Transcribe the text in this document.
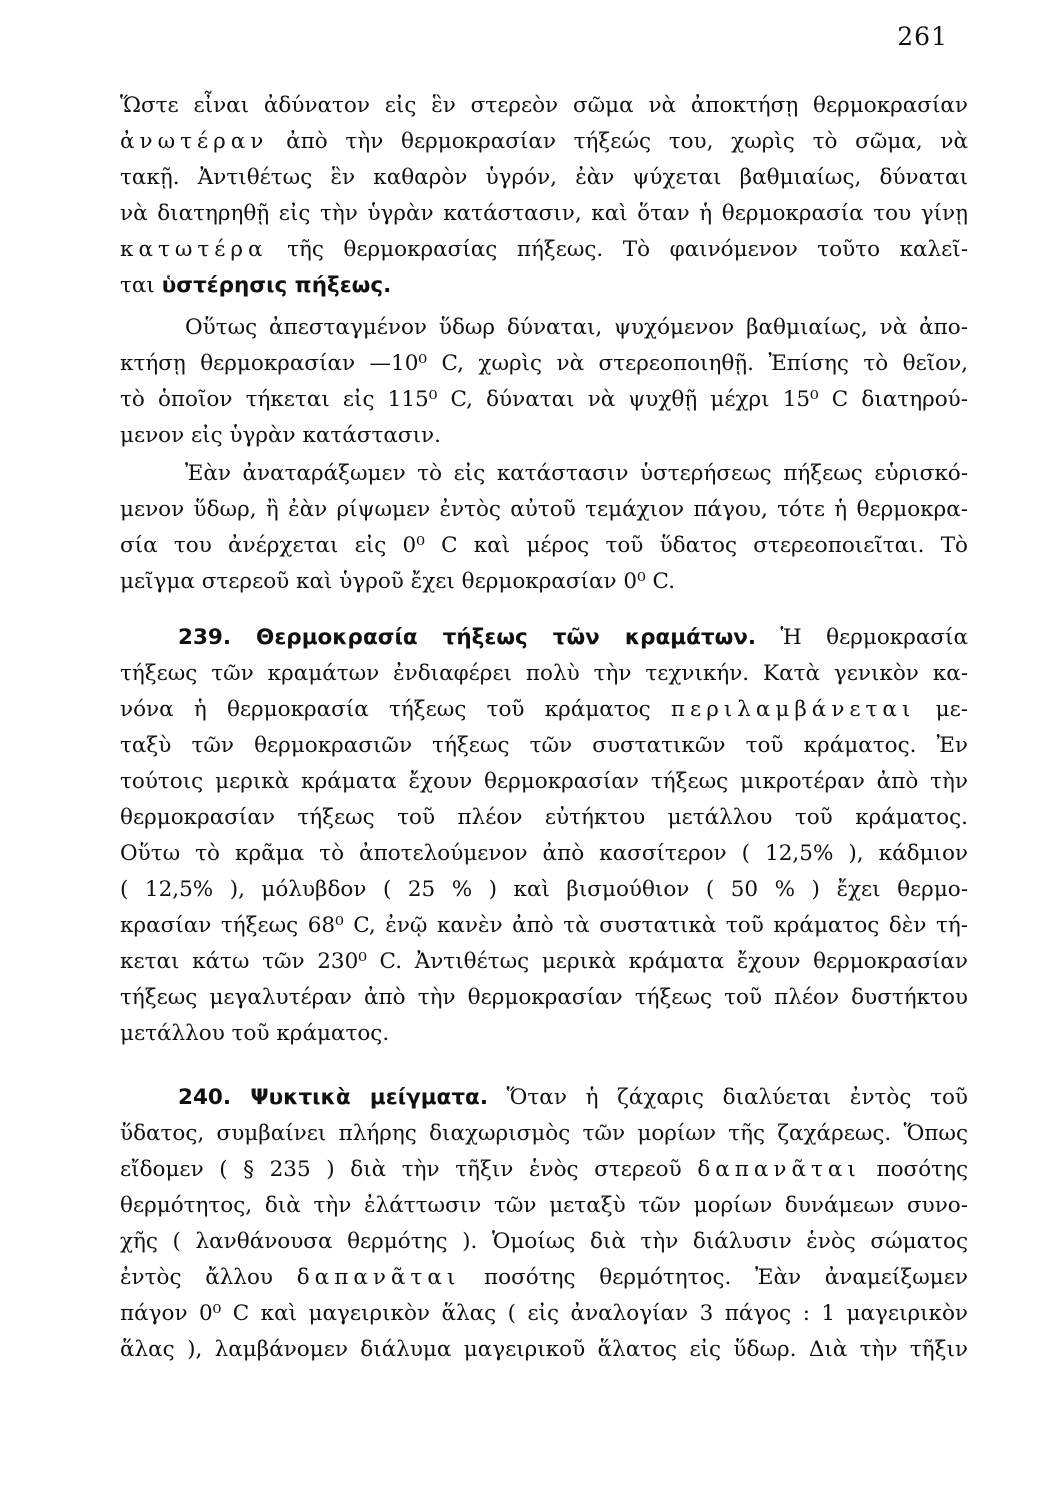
261
Ὥστε εἶναι ἀδύνατον εἰς ἓν στερεὸν σῶμα νὰ ἀποκτήσῃ θερμοκρασίαν
ἀνωτέραν ἀπὸ τὴν θερμοκρασίαν τήξεώς του, χωρὶς τὸ σῶμα, νὰ
τακῇ. Ἀντιθέτως ἓν καθαρὸν ὑγρόν, ἐὰν ψύχεται βαθμιαίως, δύναται
νὰ διατηρηθῇ εἰς τὴν ὑγρὰν κατάστασιν, καὶ ὅταν ἡ θερμοκρασία του γίνῃ
κατωτέρα τῆς θερμοκρασίας πήξεως. Τὸ φαινόμενον τοῦτο καλεῖ-
ται ὑστέρησις πήξεως.
Οὕτως ἀπεσταγμένον ὕδωρ δύναται, ψυχόμενον βαθμιαίως, νὰ ἀπο-
κτήσῃ θερμοκρασίαν —10⁰ C, χωρὶς νὰ στερεοποιηθῇ. Ἐπίσης τὸ θεῖον,
τὸ ὁποῖον τήκεται εἰς 115⁰ C, δύναται νὰ ψυχθῇ μέχρι 15⁰ C διατηρού-
μενον εἰς ὑγρὰν κατάστασιν.
Ἐὰν ἀναταράξωμεν τὸ εἰς κατάστασιν ὑστερήσεως πήξεως εὑρισκό-
μενον ὕδωρ, ἢ ἐὰν ρίψωμεν ἐντὸς αὐτοῦ τεμάχιον πάγου, τότε ἡ θερμοκρα-
σία του ἀνέρχεται εἰς 0⁰ C καὶ μέρος τοῦ ὕδατος στερεοποιεῖται. Τὸ
μεῖγμα στερεοῦ καὶ ὑγροῦ ἔχει θερμοκρασίαν 0⁰ C.
239. Θερμοκρασία τήξεως τῶν κραμάτων. Ἡ θερμοκρασία
τήξεως τῶν κραμάτων ἐνδιαφέρει πολὺ τὴν τεχνικήν. Κατὰ γενικὸν κα-
νόνα ἡ θερμοκρασία τήξεως τοῦ κράματος περιλαμβάνεται με-
ταξὺ τῶν θερμοκρασιῶν τήξεως τῶν συστατικῶν τοῦ κράματος. Ἐν
τούτοις μερικὰ κράματα ἔχουν θερμοκρασίαν τήξεως μικροτέραν ἀπὸ τὴν
θερμοκρασίαν τήξεως τοῦ πλέον εὐτήκτου μετάλλου τοῦ κράματος.
Οὕτω τὸ κρᾶμα τὸ ἀποτελούμενον ἀπὸ κασσίτερον ( 12,5% ), κάδμιον
( 12,5% ), μόλυβδον ( 25 % ) καὶ βισμούθιον ( 50 % ) ἔχει θερμο-
κρασίαν τήξεως 68⁰ C, ἐνῷ κανὲν ἀπὸ τὰ συστατικὰ τοῦ κράματος δὲν τή-
κεται κάτω τῶν 230⁰ C. Ἀντιθέτως μερικὰ κράματα ἔχουν θερμοκρασίαν
τήξεως μεγαλυτέραν ἀπὸ τὴν θερμοκρασίαν τήξεως τοῦ πλέον δυστήκτου
μετάλλου τοῦ κράματος.
240. Ψυκτικὰ μείγματα. Ὅταν ἡ ζάχαρις διαλύεται ἐντὸς τοῦ
ὕδατος, συμβαίνει πλήρης διαχωρισμὸς τῶν μορίων τῆς ζαχάρεως. Ὅπως
εἴδομεν ( § 235 ) διὰ τὴν τῆξιν ἑνὸς στερεοῦ δαπανᾶται ποσότης
θερμότητος, διὰ τὴν ἐλάττωσιν τῶν μεταξὺ τῶν μορίων δυνάμεων συνο-
χῆς ( λανθάνουσα θερμότης ). Ὁμοίως διὰ τὴν διάλυσιν ἑνὸς σώματος
ἐντὸς ἄλλου δαπανᾶται ποσότης θερμότητος. Ἐὰν ἀναμείξωμεν
πάγον 0⁰ C καὶ μαγειρικὸν ἅλας ( εἰς ἀναλογίαν 3 πάγος : 1 μαγειρικὸν
ἅλας ), λαμβάνομεν διάλυμα μαγειρικοῦ ἅλατος εἰς ὕδωρ. Διὰ τὴν τῆξιν
